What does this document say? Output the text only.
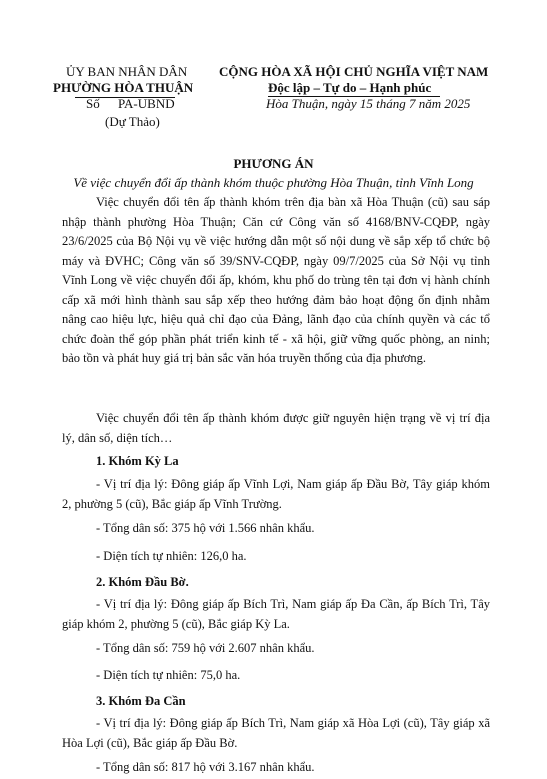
ỦY BAN NHÂN DÂN
PHƯỜNG HÒA THUẬN
Số PA-UBND
(Dự Thảo)
CỘNG HÒA XÃ HỘI CHỦ NGHĨA VIỆT NAM
Độc lập – Tự do – Hạnh phúc
Hòa Thuận, ngày 15 tháng 7 năm 2025
PHƯƠNG ÁN
Về việc chuyển đổi ấp thành khóm thuộc phường Hòa Thuận, tỉnh Vĩnh Long
Việc chuyển đổi tên ấp thành khóm trên địa bàn xã Hòa Thuận (cũ) sau sáp nhập thành phường Hòa Thuận; Căn cứ Công văn số 4168/BNV-CQĐP, ngày 23/6/2025 của Bộ Nội vụ về việc hướng dẫn một số nội dung về sắp xếp tổ chức bộ máy và ĐVHC; Công văn số 39/SNV-CQĐP, ngày 09/7/2025 của Sở Nội vụ tỉnh Vĩnh Long về việc chuyển đổi ấp, khóm, khu phố do trùng tên tại đơn vị hành chính cấp xã mới hình thành sau sắp xếp theo hướng đảm bảo hoạt động ổn định nhằm nâng cao hiệu lực, hiệu quả chỉ đạo của Đảng, lãnh đạo của chính quyền và các tổ chức đoàn thể góp phần phát triển kinh tế - xã hội, giữ vững quốc phòng, an ninh; bảo tồn và phát huy giá trị bản sắc văn hóa truyền thống của địa phương.
Việc chuyển đổi tên ấp thành khóm được giữ nguyên hiện trạng về vị trí địa lý, dân số, diện tích…
1. Khóm Kỳ La
- Vị trí địa lý: Đông giáp ấp Vĩnh Lợi, Nam giáp ấp Đầu Bờ, Tây giáp khóm 2, phường 5 (cũ), Bắc giáp ấp Vĩnh Trường.
- Tổng dân số: 375 hộ với 1.566 nhân khẩu.
- Diện tích tự nhiên: 126,0 ha.
2. Khóm Đầu Bờ.
- Vị trí địa lý: Đông giáp ấp Bích Trì, Nam giáp ấp Đa Cần, ấp Bích Trì, Tây giáp khóm 2, phường 5 (cũ), Bắc giáp Kỳ La.
- Tổng dân số: 759 hộ với 2.607 nhân khẩu.
- Diện tích tự nhiên: 75,0 ha.
3. Khóm Đa Cần
- Vị trí địa lý: Đông giáp ấp Bích Trì, Nam giáp xã Hòa Lợi (cũ), Tây giáp xã Hòa Lợi (cũ), Bắc giáp ấp Đầu Bờ.
- Tổng dân số: 817 hộ với 3.167 nhân khẩu.
